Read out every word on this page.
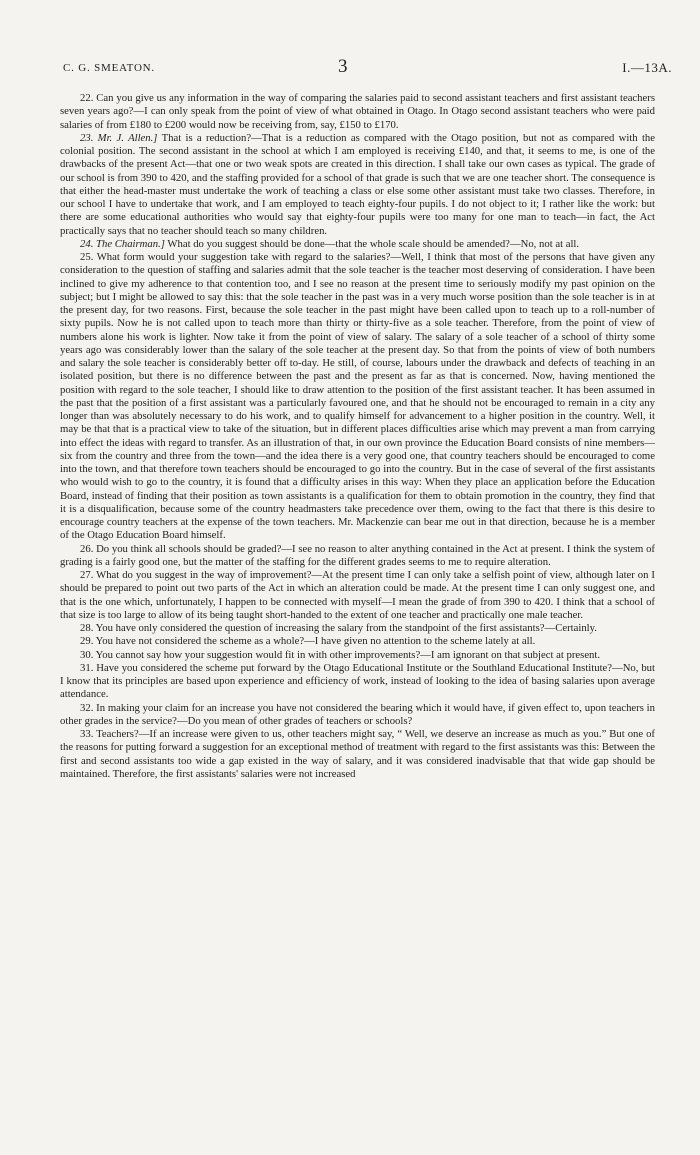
C. G. SMEATON.	3	I.—13A.

22. Can you give us any information in the way of comparing the salaries paid to second assistant teachers and first assistant teachers seven years ago?—I can only speak from the point of view of what obtained in Otago. In Otago second assistant teachers who were paid salaries of from £180 to £200 would now be receiving from, say, £150 to £170.

23. Mr. J. Allen.] That is a reduction?—That is a reduction as compared with the Otago position, but not as compared with the colonial position. The second assistant in the school at which I am employed is receiving £140, and that, it seems to me, is one of the drawbacks of the present Act—that one or two weak spots are created in this direction. I shall take our own cases as typical. The grade of our school is from 390 to 420, and the staffing provided for a school of that grade is such that we are one teacher short. The consequence is that either the head-master must undertake the work of teaching a class or else some other assistant must take two classes. Therefore, in our school I have to undertake that work, and I am employed to teach eighty-four pupils. I do not object to it; I rather like the work: but there are some educational authorities who would say that eighty-four pupils were too many for one man to teach—in fact, the Act practically says that no teacher should teach so many children.

24. The Chairman.] What do you suggest should be done—that the whole scale should be amended?—No, not at all.

25. What form would your suggestion take with regard to the salaries?—Well, I think that most of the persons that have given any consideration to the question of staffing and salaries admit that the sole teacher is the teacher most deserving of consideration. I have been inclined to give my adherence to that contention too, and I see no reason at the present time to seriously modify my past opinion on the subject; but I might be allowed to say this: that the sole teacher in the past was in a very much worse position than the sole teacher is in at the present day, for two reasons. First, because the sole teacher in the past might have been called upon to teach up to a roll-number of sixty pupils. Now he is not called upon to teach more than thirty or thirty-five as a sole teacher. Therefore, from the point of view of numbers alone his work is lighter. Now take it from the point of view of salary. The salary of a sole teacher of a school of thirty some years ago was considerably lower than the salary of the sole teacher at the present day. So that from the points of view of both numbers and salary the sole teacher is considerably better off to-day. He still, of course, labours under the drawback and defects of teaching in an isolated position, but there is no difference between the past and the present as far as that is concerned. Now, having mentioned the position with regard to the sole teacher, I should like to draw attention to the position of the first assistant teacher. It has been assumed in the past that the position of a first assistant was a particularly favoured one, and that he should not be encouraged to remain in a city any longer than was absolutely necessary to do his work, and to qualify himself for advancement to a higher position in the country. Well, it may be that that is a practical view to take of the situation, but in different places difficulties arise which may prevent a man from carrying into effect the ideas with regard to transfer. As an illustration of that, in our own province the Education Board consists of nine members—six from the country and three from the town—and the idea there is a very good one, that country teachers should be encouraged to come into the town, and that therefore town teachers should be encouraged to go into the country. But in the case of several of the first assistants who would wish to go to the country, it is found that a difficulty arises in this way: When they place an application before the Education Board, instead of finding that their position as town assistants is a qualification for them to obtain promotion in the country, they find that it is a disqualification, because some of the country headmasters take precedence over them, owing to the fact that there is this desire to encourage country teachers at the expense of the town teachers. Mr. Mackenzie can bear me out in that direction, because he is a member of the Otago Education Board himself.

26. Do you think all schools should be graded?—I see no reason to alter anything contained in the Act at present. I think the system of grading is a fairly good one, but the matter of the staffing for the different grades seems to me to require alteration.

27. What do you suggest in the way of improvement?—At the present time I can only take a selfish point of view, although later on I should be prepared to point out two parts of the Act in which an alteration could be made. At the present time I can only suggest one, and that is the one which, unfortunately, I happen to be connected with myself—I mean the grade of from 390 to 420. I think that a school of that size is too large to allow of its being taught short-handed to the extent of one teacher and practically one male teacher.

28. You have only considered the question of increasing the salary from the standpoint of the first assistants?—Certainly.

29. You have not considered the scheme as a whole?—I have given no attention to the scheme lately at all.

30. You cannot say how your suggestion would fit in with other improvements?—I am ignorant on that subject at present.

31. Have you considered the scheme put forward by the Otago Educational Institute or the Southland Educational Institute?—No, but I know that its principles are based upon experience and efficiency of work, instead of looking to the idea of basing salaries upon average attendance.

32. In making your claim for an increase you have not considered the bearing which it would have, if given effect to, upon teachers in other grades in the service?—Do you mean of other grades of teachers or schools?

33. Teachers?—If an increase were given to us, other teachers might say, “ Well, we deserve an increase as much as you.” But one of the reasons for putting forward a suggestion for an exceptional method of treatment with regard to the first assistants was this: Between the first and second assistants too wide a gap existed in the way of salary, and it was considered inadvisable that that wide gap should be maintained. Therefore, the first assistants' salaries were not increased
